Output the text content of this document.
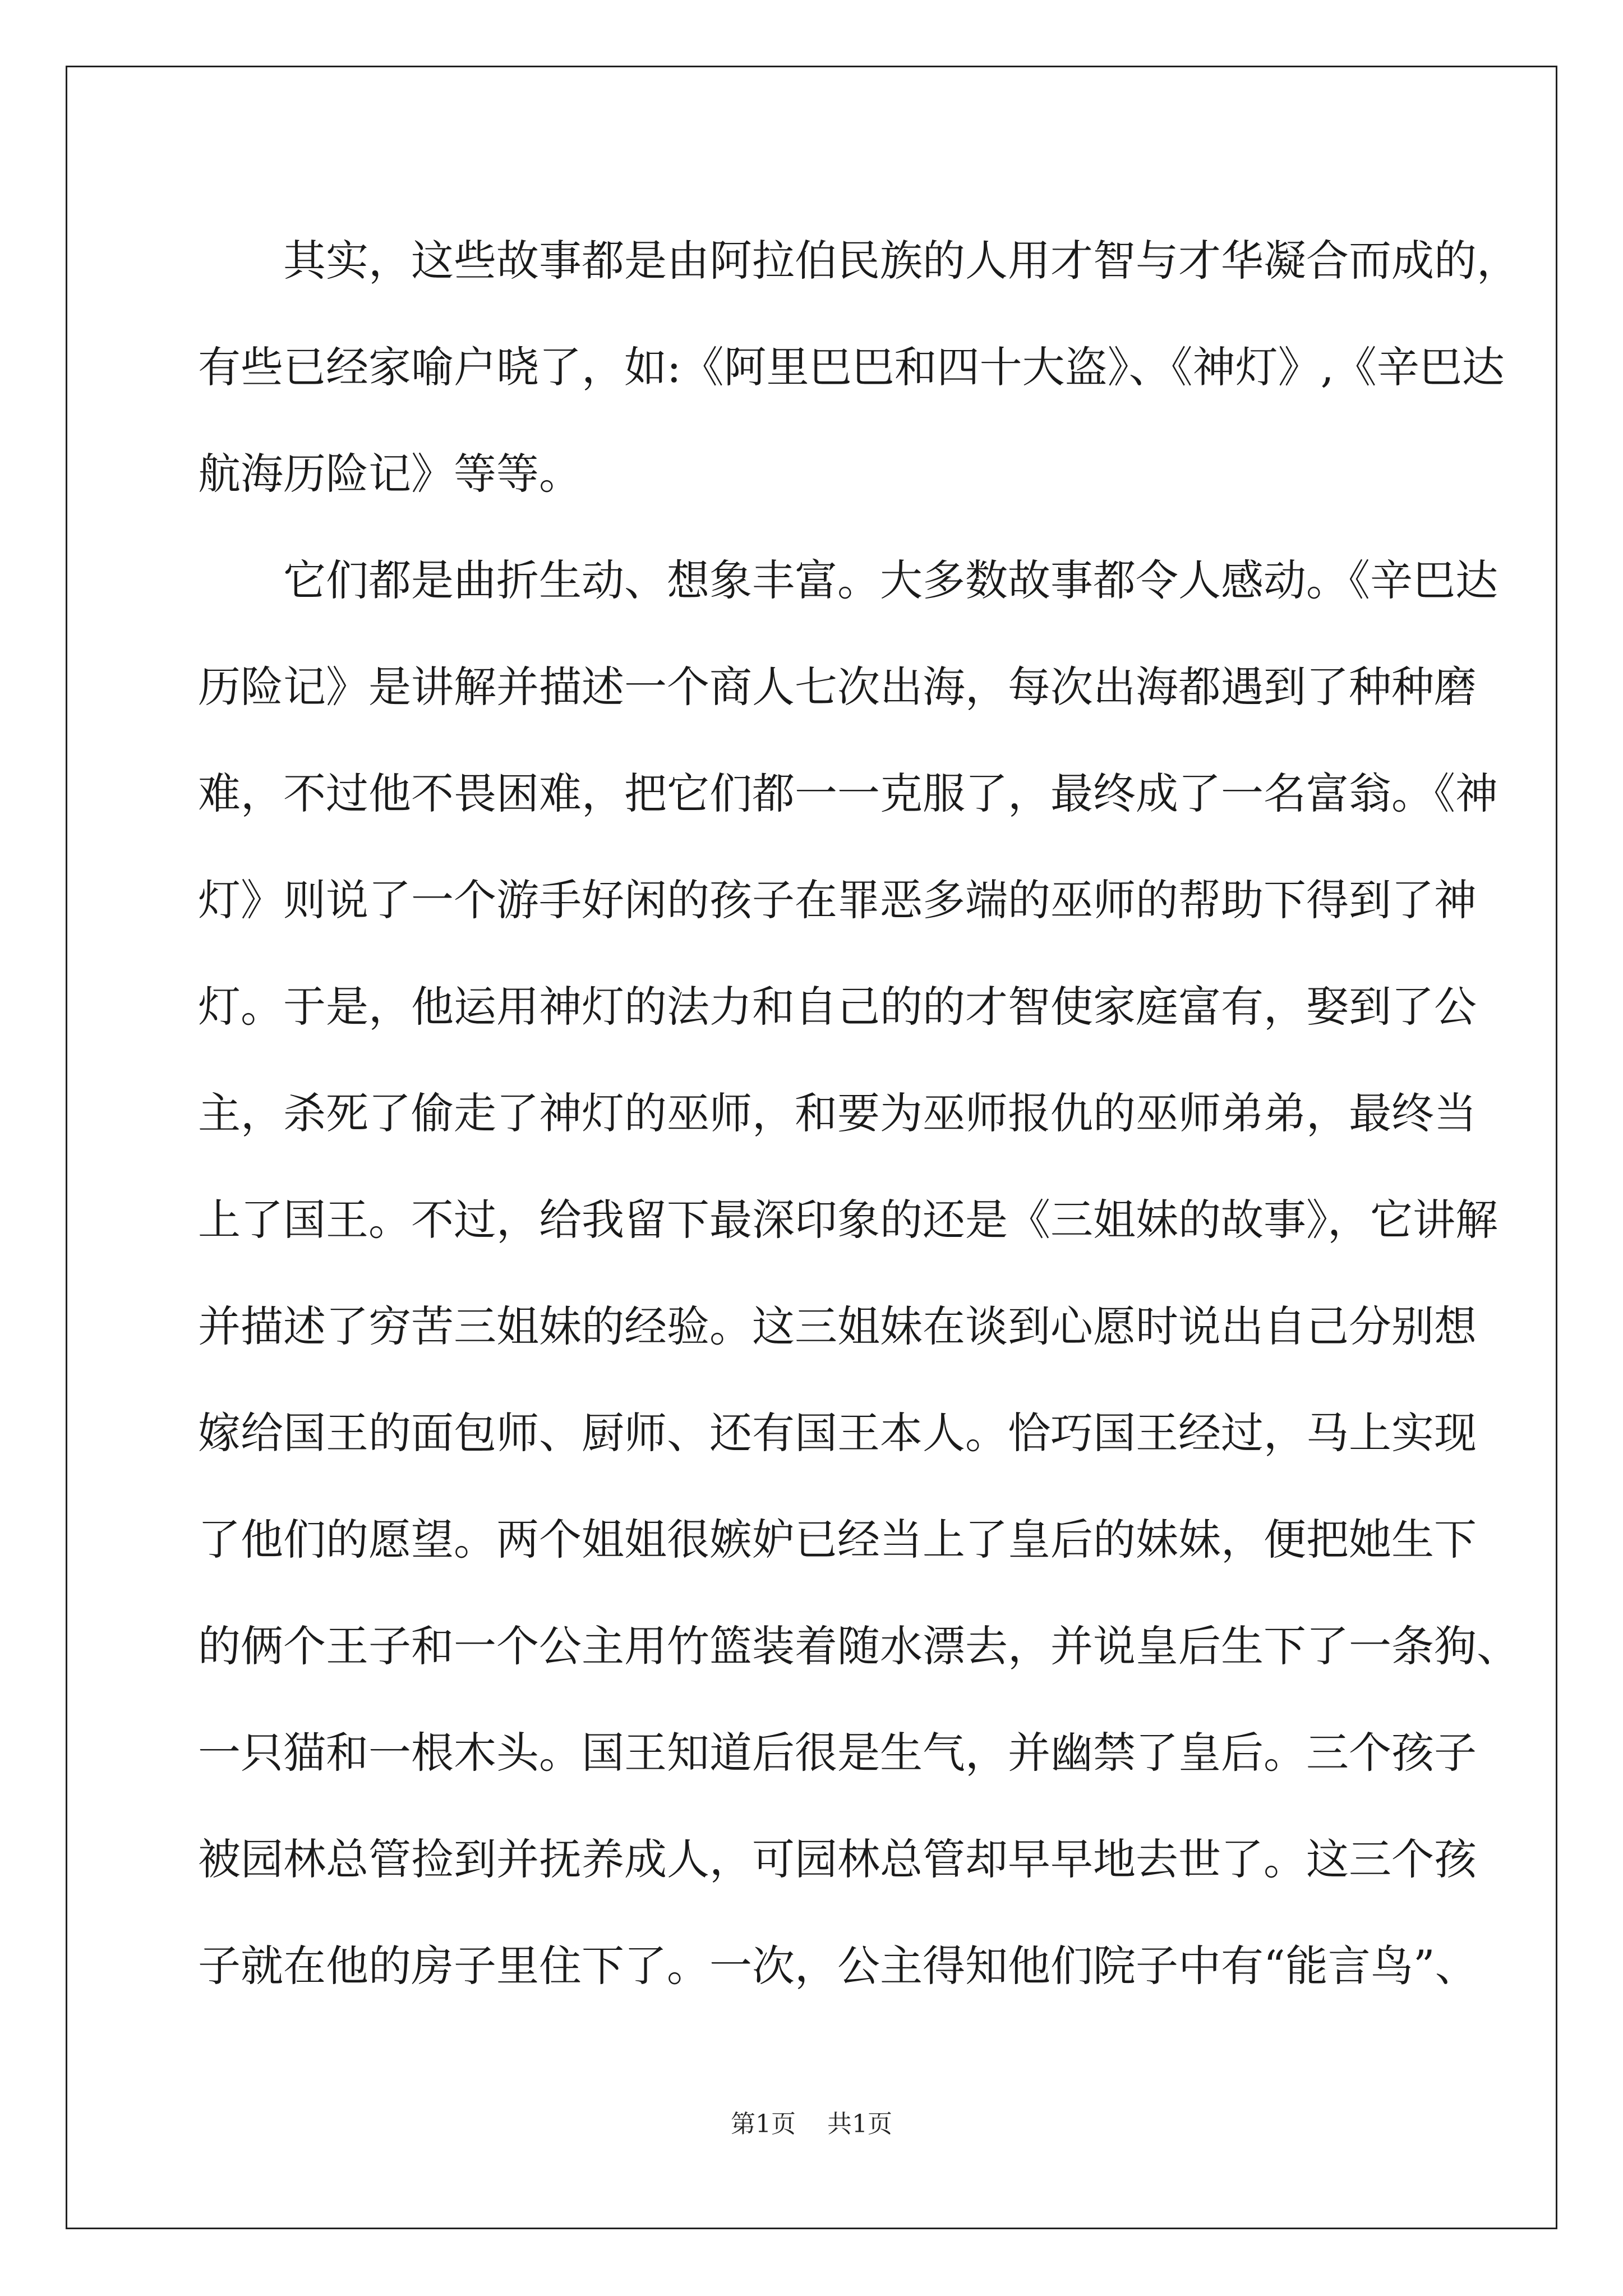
其实，这些故事都是由阿拉伯民族的人用才智与才华凝合而成的，
有些已经家喻户晓了，如:《阿里巴巴和四十大盗》、《神灯》,《辛巴达
航海历险记》等等。
它们都是曲折生动、想象丰富。大多数故事都令人感动。《辛巴达
历险记》是讲解并描述一个商人七次出海，每次出海都遇到了种种磨
难，不过他不畏困难，把它们都一一克服了，最终成了一名富翁。《神
灯》则说了一个游手好闲的孩子在罪恶多端的巫师的帮助下得到了神
灯。于是，他运用神灯的法力和自己的的才智使家庭富有，娶到了公
主，杀死了偷走了神灯的巫师，和要为巫师报仇的巫师弟弟，最终当
上了国王。不过，给我留下最深印象的还是《三姐妹的故事》，它讲解
并描述了穷苦三姐妹的经验。这三姐妹在谈到心愿时说出自己分别想
嫁给国王的面包师、厨师、还有国王本人。恰巧国王经过，马上实现
了他们的愿望。两个姐姐很嫉妒已经当上了皇后的妹妹，便把她生下
的俩个王子和一个公主用竹篮装着随水漂去，并说皇后生下了一条狗、
一只猫和一根木头。国王知道后很是生气，并幽禁了皇后。三个孩子
被园林总管捡到并抚养成人，可园林总管却早早地去世了。这三个孩
子就在他的房子里住下了。一次，公主得知他们院子中有“能言鸟”、
第1页 共1页
